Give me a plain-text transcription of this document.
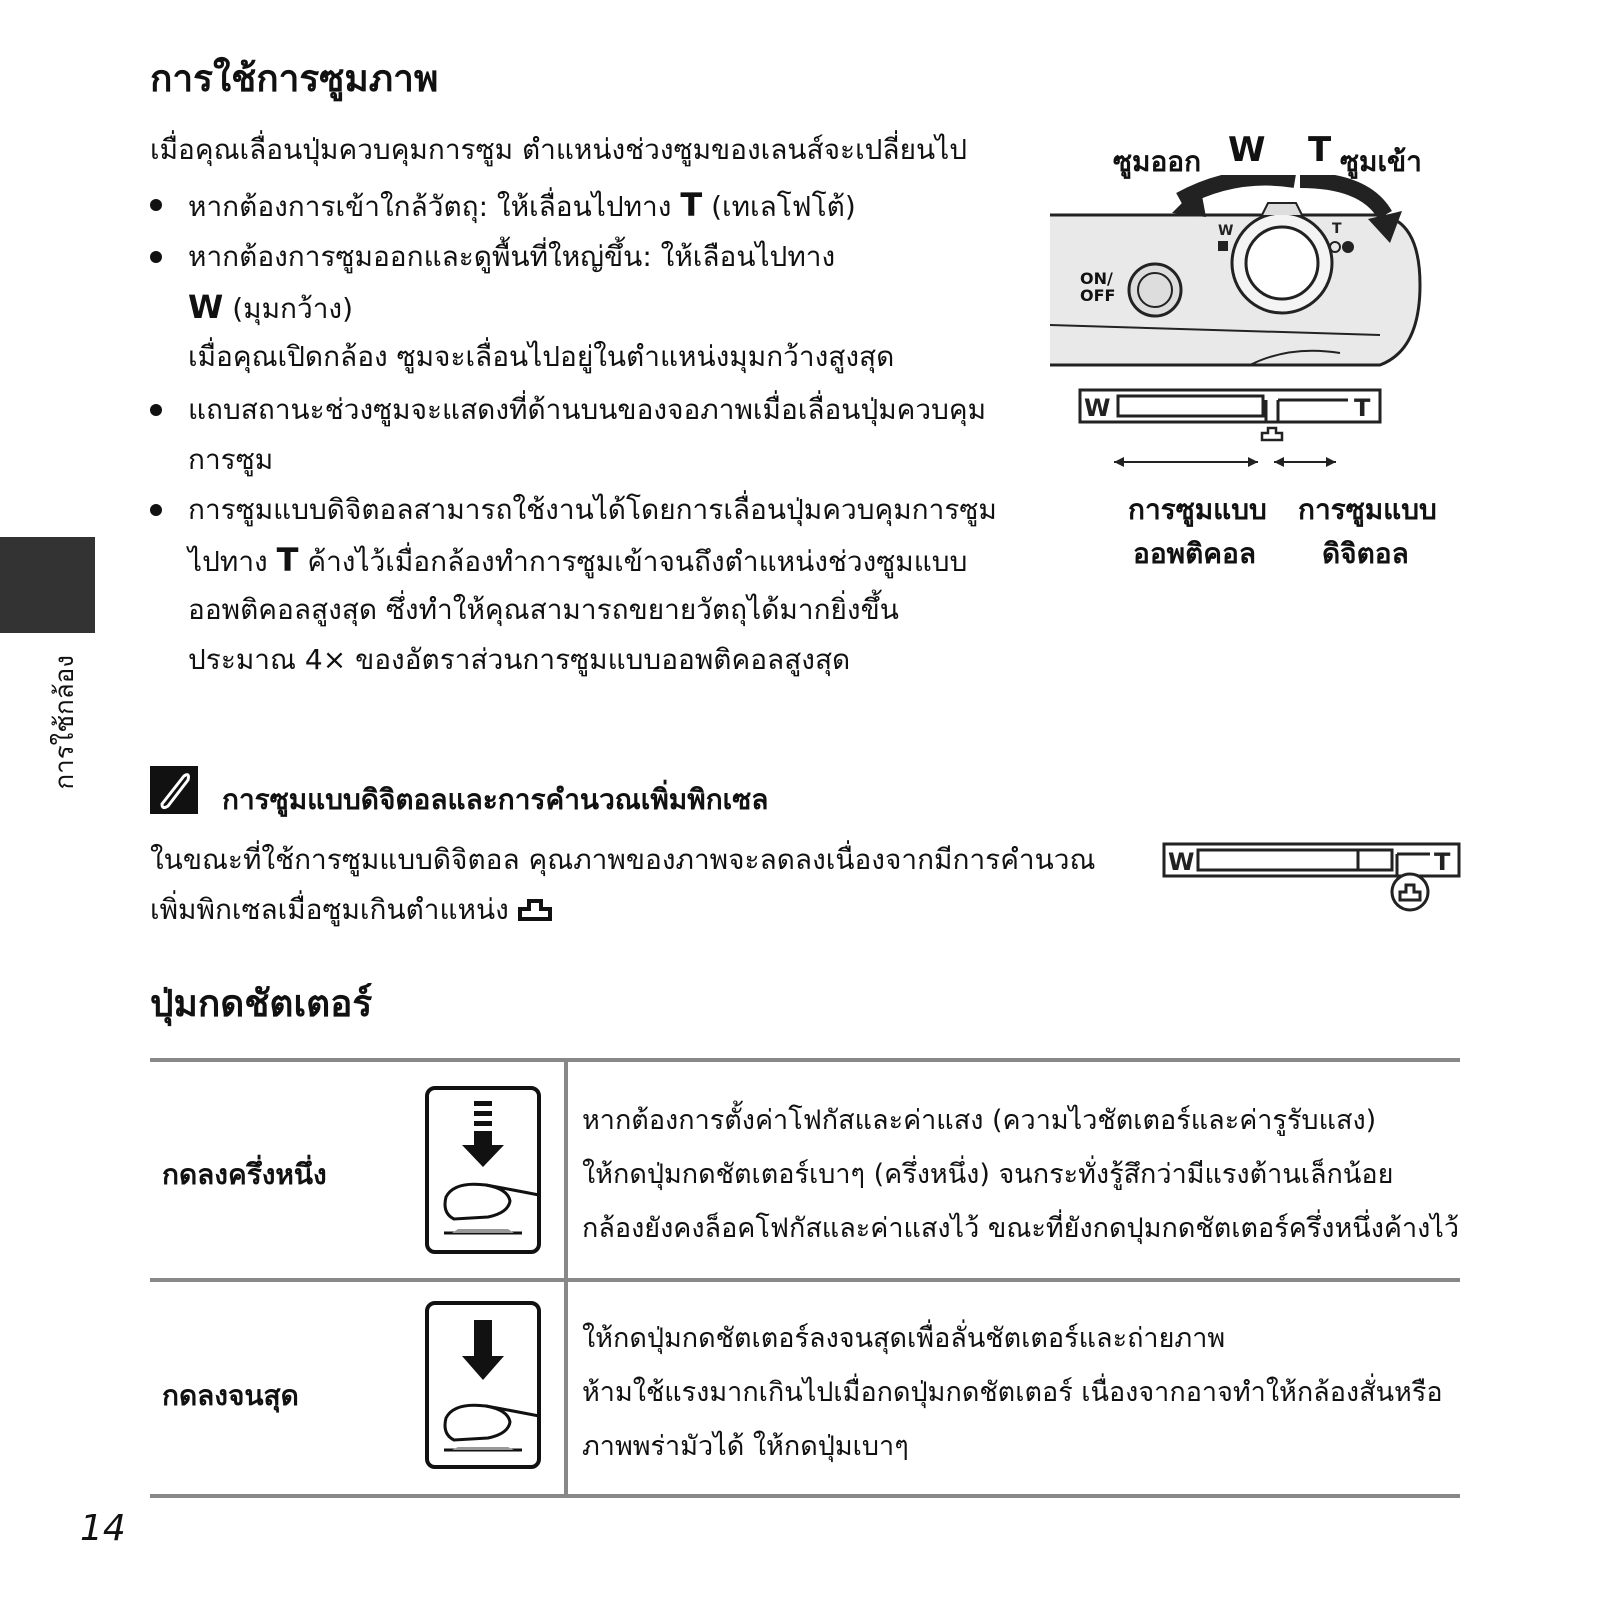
การใช้การซูมภาพ
เมื่อคุณเลื่อนปุ่มควบคุมการซูม ตำแหน่งช่วงซูมของเลนส์จะเปลี่ยนไป
หากต้องการเข้าใกล้วัตถุ: ให้เลื่อนไปทาง T (เทเลโฟโต้)
หากต้องการซูมออกและดูพื้นที่ใหญ่ขึ้น: ให้เลือนไปทาง
W (มุมกว้าง)
เมื่อคุณเปิดกล้อง ซูมจะเลื่อนไปอยู่ในตำแหน่งมุมกว้างสูงสุด
แถบสถานะช่วงซูมจะแสดงที่ด้านบนของจอภาพเมื่อเลื่อนปุ่มควบคุม
การซูม
การซูมแบบดิจิตอลสามารถใช้งานได้โดยการเลื่อนปุ่มควบคุมการซูม
ไปทาง T ค้างไว้เมื่อกล้องทำการซูมเข้าจนถึงตำแหน่งช่วงซูมแบบ
ออพติคอลสูงสุด ซึ่งทำให้คุณสามารถขยายวัตถุได้มากยิ่งขึ้น
ประมาณ 4× ของอัตราส่วนการซูมแบบออพติคอลสูงสุด
การใช้กล้อง
ซูมออก W T ซูมเข้า
W	T
ON/
OFF
W	T
การซูมแบบ
ออพติคอล
การซูมแบบ
ดิจิตอล
การซูมแบบดิจิตอลและการคำนวณเพิ่มพิกเซล
ในขณะที่ใช้การซูมแบบดิจิตอล คุณภาพของภาพจะลดลงเนื่องจากมีการคำนวณ
เพิ่มพิกเซลเมื่อซูมเกินตำแหน่ง
W	T
ปุ่มกดชัตเตอร์
กดลงครึ่งหนึ่ง
หากต้องการตั้งค่าโฟกัสและค่าแสง (ความไวชัตเตอร์และค่ารูรับแสง)
ให้กดปุ่มกดชัตเตอร์เบาๆ (ครึ่งหนึ่ง) จนกระทั่งรู้สึกว่ามีแรงต้านเล็กน้อย
กล้องยังคงล็อคโฟกัสและค่าแสงไว้ ขณะที่ยังกดปุมกดชัตเตอร์ครึ่งหนึ่งค้างไว้
กดลงจนสุด
ให้กดปุ่มกดชัตเตอร์ลงจนสุดเพื่อลั่นชัตเตอร์และถ่ายภาพ
ห้ามใช้แรงมากเกินไปเมื่อกดปุ่มกดชัตเตอร์ เนื่องจากอาจทำให้กล้องสั่นหรือ
ภาพพร่ามัวได้ ให้กดปุ่มเบาๆ
14
